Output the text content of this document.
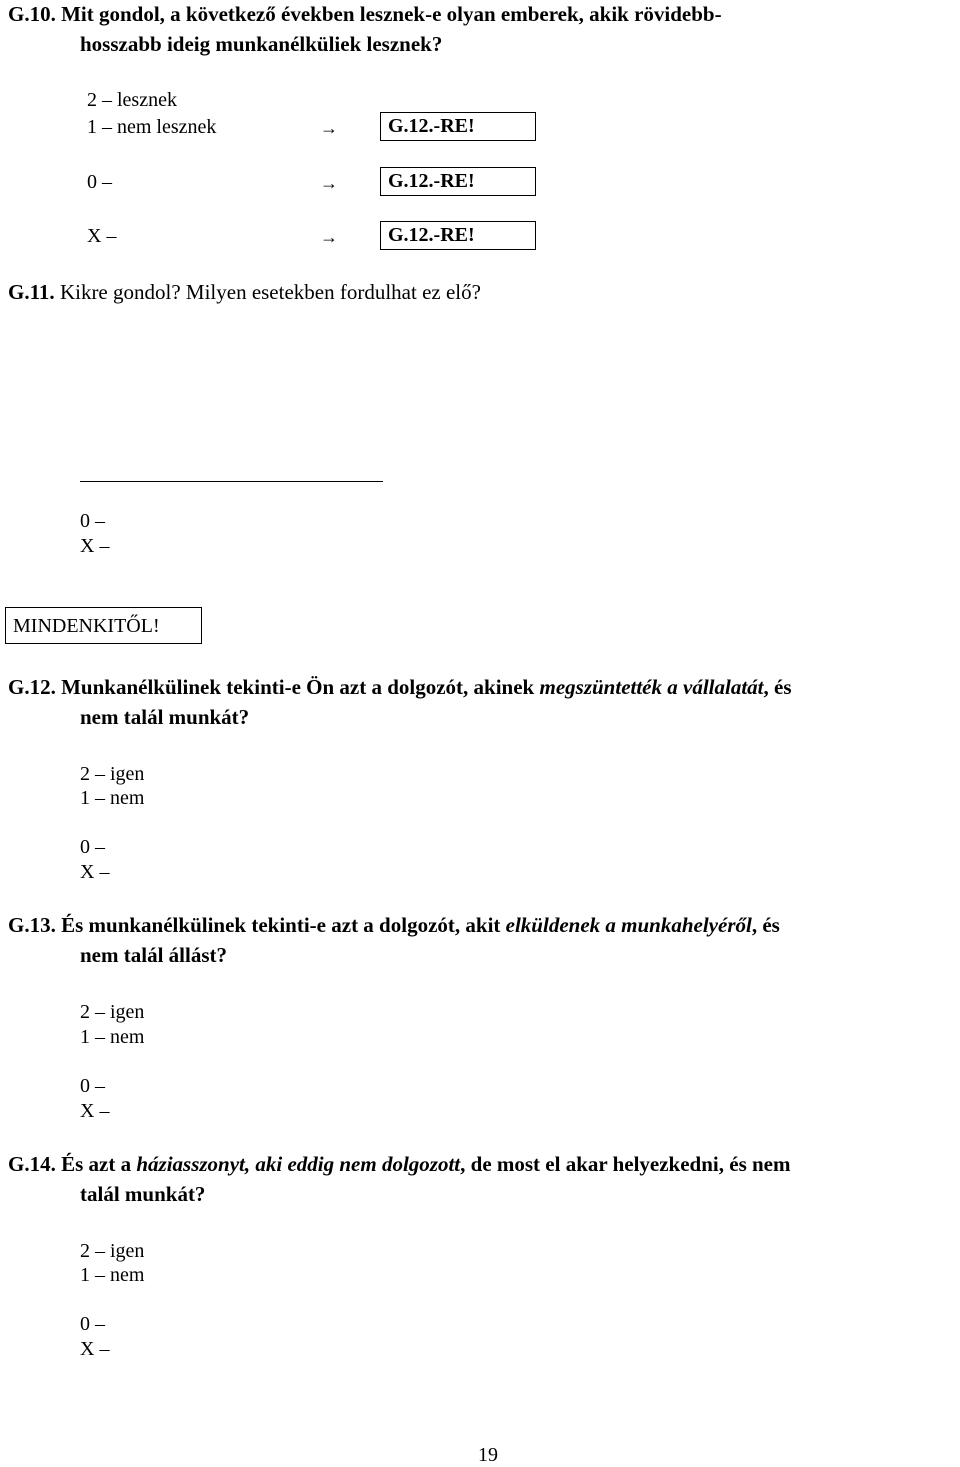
G.10. Mit gondol, a következő években lesznek-e olyan emberek, akik rövidebb-
hosszabb ideig munkanélküliek lesznek?
2 – lesznek
1 – nem lesznek	→	G.12.-RE!
0 –	→	G.12.-RE!
X –	→	G.12.-RE!
G.11. Kikre gondol? Milyen esetekben fordulhat ez elő?
0 –
X –
MINDENKITŐL!
G.12. Munkanélkülinek tekinti-e Ön azt a dolgozót, akinek megszüntették a vállalatát, és
nem talál munkát?
2 – igen
1 – nem
0 –
X –
G.13. És munkanélkülinek tekinti-e azt a dolgozót, akit elküldenek a munkahelyéről, és
nem talál állást?
2 – igen
1 – nem
0 –
X –
G.14. És azt a háziasszonyt, aki eddig nem dolgozott, de most el akar helyezkedni, és nem
talál munkát?
2 – igen
1 – nem
0 –
X –
19
